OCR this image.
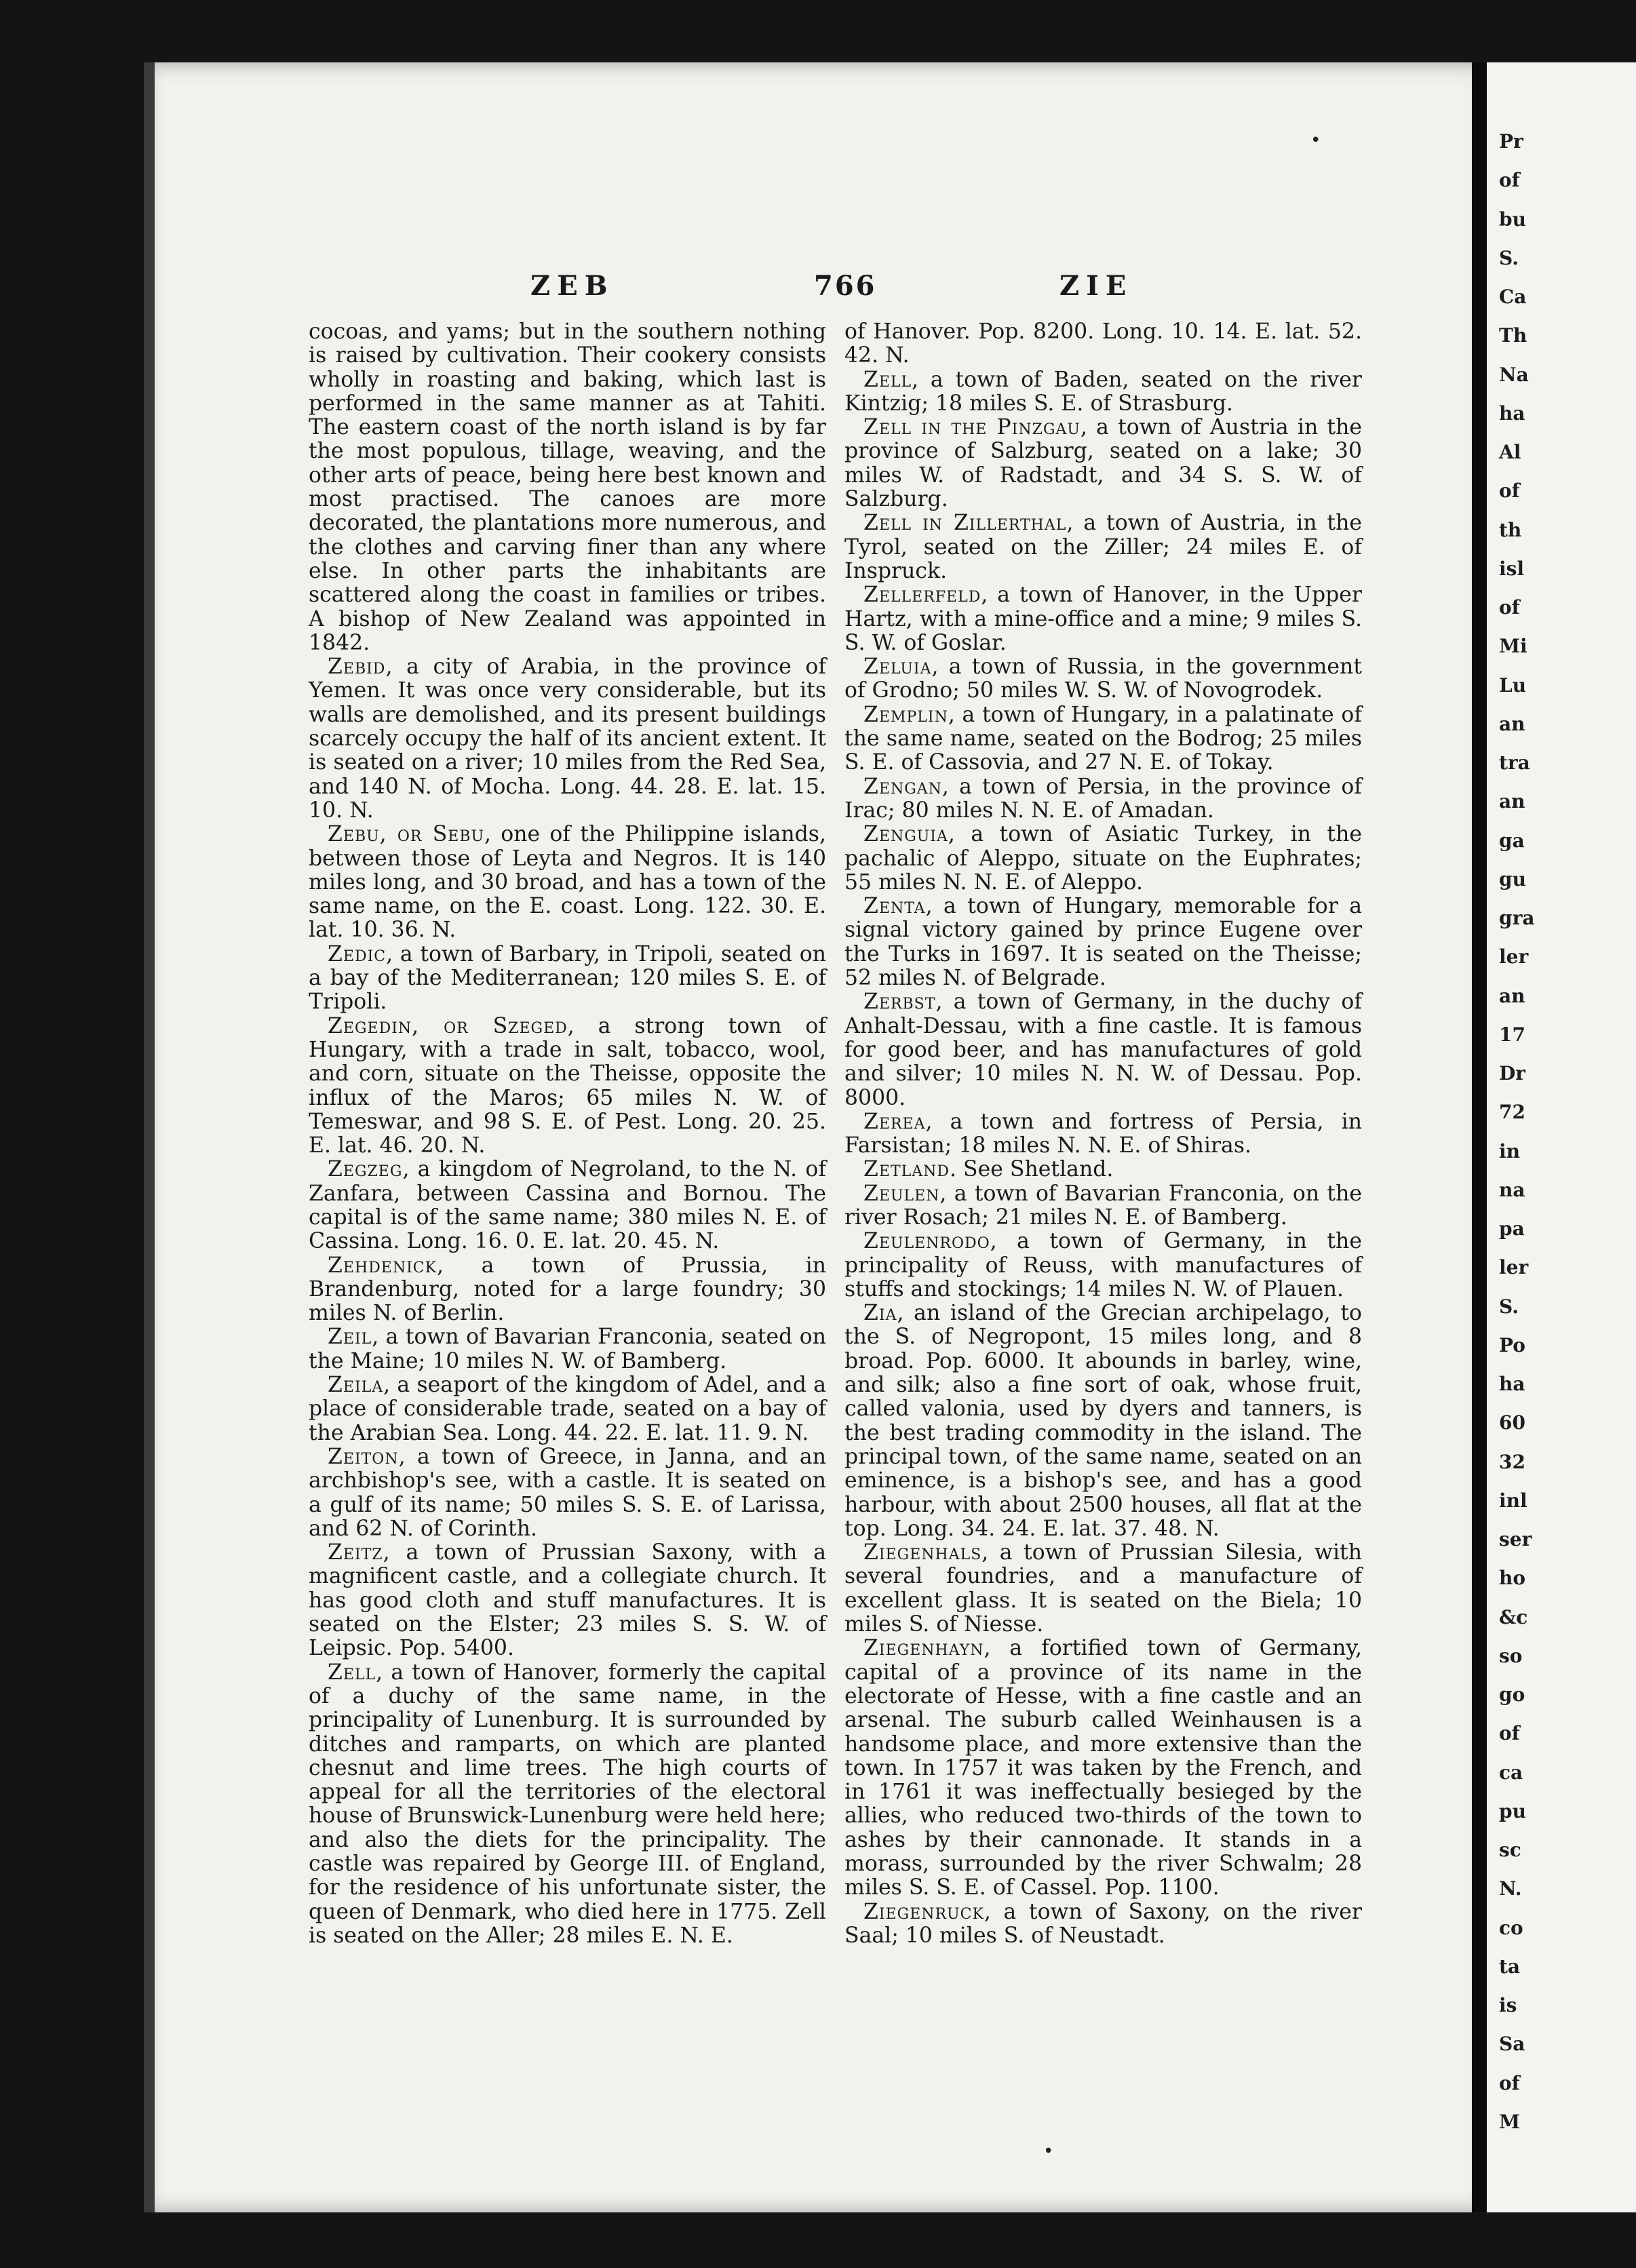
ZEB	766	ZIE

cocoas, and yams; but in the southern nothing is raised by cultivation. Their cookery consists wholly in roasting and baking, which last is performed in the same manner as at Tahiti. The eastern coast of the north island is by far the most populous, tillage, weaving, and the other arts of peace, being here best known and most practised. The canoes are more decorated, the plantations more numerous, and the clothes and carving finer than any where else. In other parts the inhabitants are scattered along the coast in families or tribes. A bishop of New Zealand was appointed in 1842.

Zebid, a city of Arabia, in the province of Yemen. It was once very considerable, but its walls are demolished, and its present buildings scarcely occupy the half of its ancient extent. It is seated on a river; 10 miles from the Red Sea, and 140 N. of Mocha. Long. 44. 28. E. lat. 15. 10. N.

Zebu, or Sebu, one of the Philippine islands, between those of Leyta and Negros. It is 140 miles long, and 30 broad, and has a town of the same name, on the E. coast. Long. 122. 30. E. lat. 10. 36. N.

Zedic, a town of Barbary, in Tripoli, seated on a bay of the Mediterranean; 120 miles S. E. of Tripoli.

Zegedin, or Szeged, a strong town of Hungary, with a trade in salt, tobacco, wool, and corn, situate on the Theisse, opposite the influx of the Maros; 65 miles N. W. of Temeswar, and 98 S. E. of Pest. Long. 20. 25. E. lat. 46. 20. N.

Zegzeg, a kingdom of Negroland, to the N. of Zanfara, between Cassina and Bornou. The capital is of the same name; 380 miles N. E. of Cassina. Long. 16. 0. E. lat. 20. 45. N.

Zehdenick, a town of Prussia, in Brandenburg, noted for a large foundry; 30 miles N. of Berlin.

Zeil, a town of Bavarian Franconia, seated on the Maine; 10 miles N. W. of Bamberg.

Zeila, a seaport of the kingdom of Adel, and a place of considerable trade, seated on a bay of the Arabian Sea. Long. 44. 22. E. lat. 11. 9. N.

Zeiton, a town of Greece, in Janna, and an archbishop's see, with a castle. It is seated on a gulf of its name; 50 miles S. S. E. of Larissa, and 62 N. of Corinth.

Zeitz, a town of Prussian Saxony, with a magnificent castle, and a collegiate church. It has good cloth and stuff manufactures. It is seated on the Elster; 23 miles S. S. W. of Leipsic. Pop. 5400.

Zell, a town of Hanover, formerly the capital of a duchy of the same name, in the principality of Lunenburg. It is surrounded by ditches and ramparts, on which are planted chesnut and lime trees. The high courts of appeal for all the territories of the electoral house of Brunswick-Lunenburg were held here; and also the diets for the principality. The castle was repaired by George III. of England, for the residence of his unfortunate sister, the queen of Denmark, who died here in 1775. Zell is seated on the Aller; 28 miles E. N. E.

of Hanover. Pop. 8200. Long. 10. 14. E. lat. 52. 42. N.

Zell, a town of Baden, seated on the river Kintzig; 18 miles S. E. of Strasburg.

Zell in the Pinzgau, a town of Austria in the province of Salzburg, seated on a lake; 30 miles W. of Radstadt, and 34 S. S. W. of Salzburg.

Zell in Zillerthal, a town of Austria, in the Tyrol, seated on the Ziller; 24 miles E. of Inspruck.

Zellerfeld, a town of Hanover, in the Upper Hartz, with a mine-office and a mine; 9 miles S. S. W. of Goslar.

Zeluia, a town of Russia, in the government of Grodno; 50 miles W. S. W. of Novogrodek.

Zemplin, a town of Hungary, in a palatinate of the same name, seated on the Bodrog; 25 miles S. E. of Cassovia, and 27 N. E. of Tokay.

Zengan, a town of Persia, in the province of Irac; 80 miles N. N. E. of Amadan.

Zenguia, a town of Asiatic Turkey, in the pachalic of Aleppo, situate on the Euphrates; 55 miles N. N. E. of Aleppo.

Zenta, a town of Hungary, memorable for a signal victory gained by prince Eugene over the Turks in 1697. It is seated on the Theisse; 52 miles N. of Belgrade.

Zerbst, a town of Germany, in the duchy of Anhalt-Dessau, with a fine castle. It is famous for good beer, and has manufactures of gold and silver; 10 miles N. N. W. of Dessau. Pop. 8000.

Zerea, a town and fortress of Persia, in Farsistan; 18 miles N. N. E. of Shiras.

Zetland. See Shetland.

Zeulen, a town of Bavarian Franconia, on the river Rosach; 21 miles N. E. of Bamberg.

Zeulenrodo, a town of Germany, in the principality of Reuss, with manufactures of stuffs and stockings; 14 miles N. W. of Plauen.

Zia, an island of the Grecian archipelago, to the S. of Negropont, 15 miles long, and 8 broad. Pop. 6000. It abounds in barley, wine, and silk; also a fine sort of oak, whose fruit, called valonia, used by dyers and tanners, is the best trading commodity in the island. The principal town, of the same name, seated on an eminence, is a bishop's see, and has a good harbour, with about 2500 houses, all flat at the top. Long. 34. 24. E. lat. 37. 48. N.

Ziegenhals, a town of Prussian Silesia, with several foundries, and a manufacture of excellent glass. It is seated on the Biela; 10 miles S. of Niesse.

Ziegenhayn, a fortified town of Germany, capital of a province of its name in the electorate of Hesse, with a fine castle and an arsenal. The suburb called Weinhausen is a handsome place, and more extensive than the town. In 1757 it was taken by the French, and in 1761 it was ineffectually besieged by the allies, who reduced two-thirds of the town to ashes by their cannonade. It stands in a morass, surrounded by the river Schwalm; 28 miles S. S. E. of Cassel. Pop. 1100.

Ziegenruck, a town of Saxony, on the river Saal; 10 miles S. of Neustadt.

•
•
Pr
of
bu
S.
Ca
Th
Na
ha
Al
of
th
isl
of
Mi
Lu
an
tra
an
ga
gu
gra
ler
an
17
Dr
72
in
na
pa
ler
S.
Po
ha
60
32
inl
ser
ho
&c
so
go
of
ca
pu
sc
N.
co
ta
is
Sa
of
M
